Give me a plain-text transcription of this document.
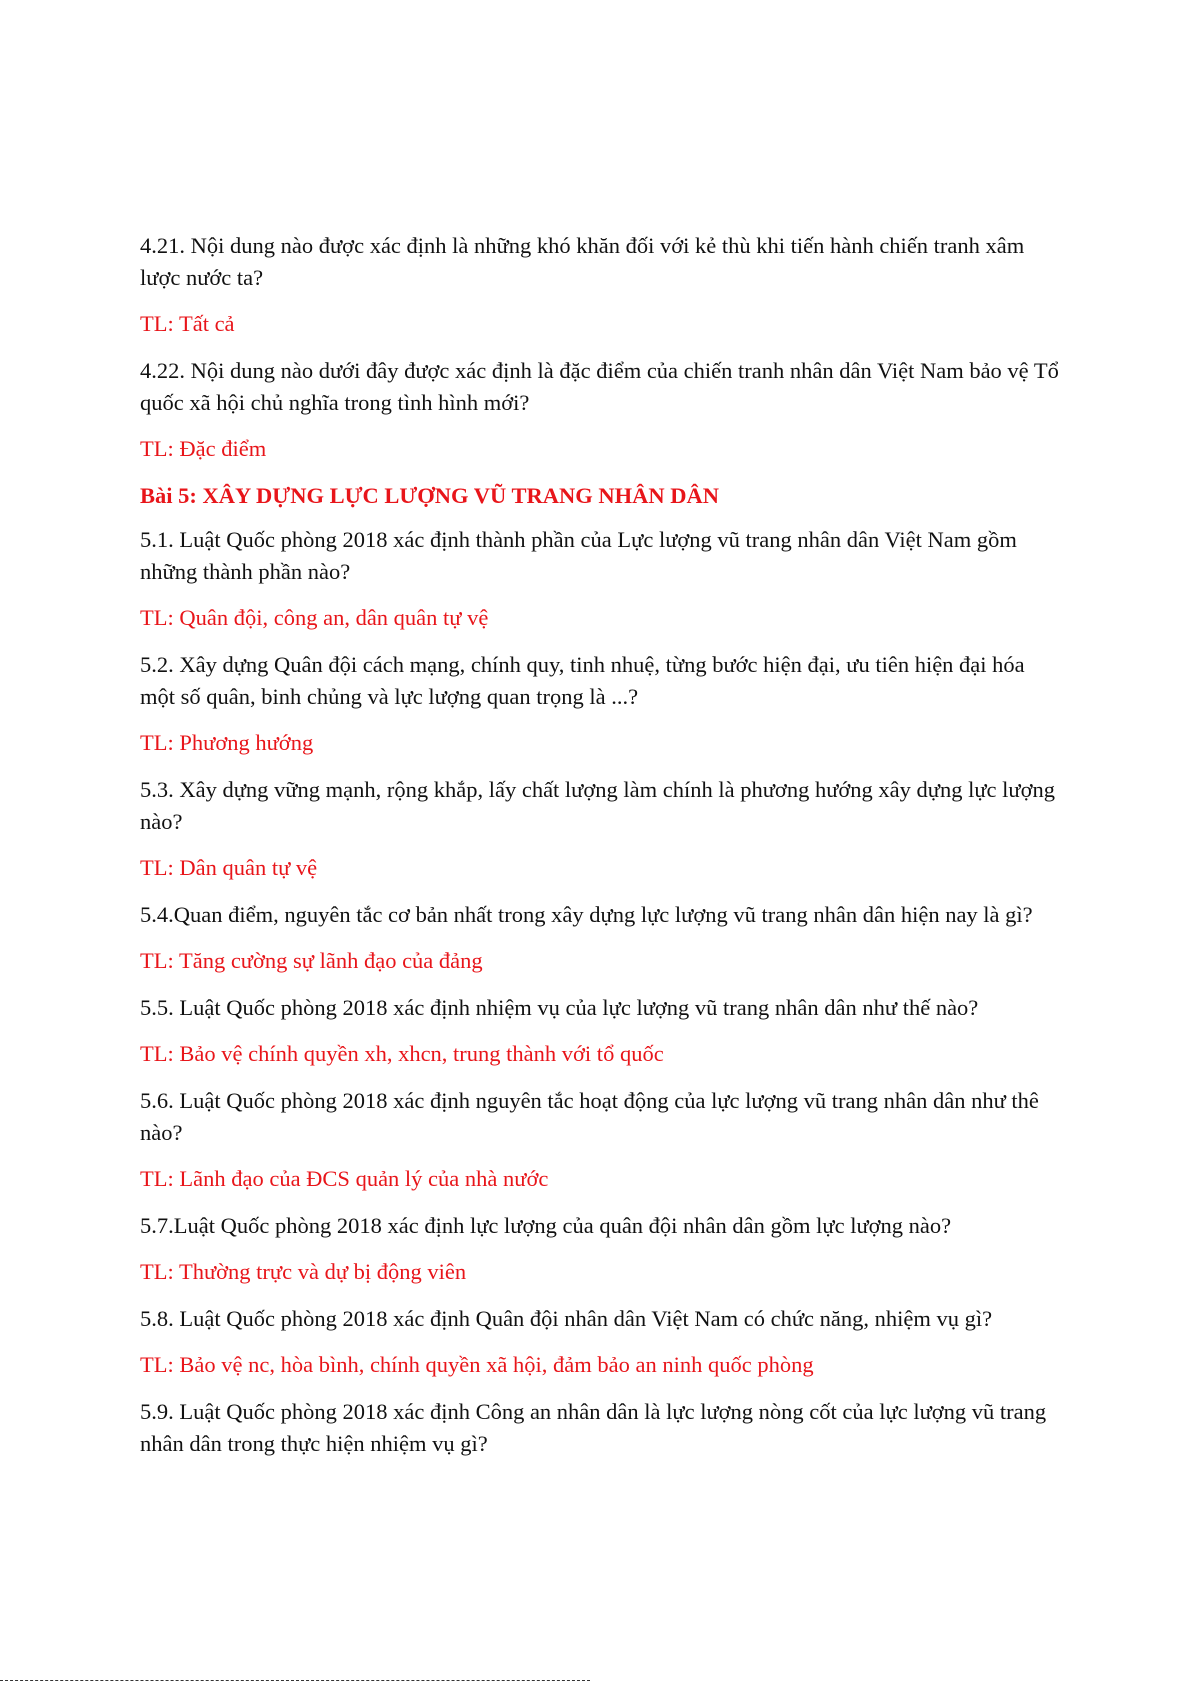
4.21. Nội dung nào được xác định là những khó khăn đối với kẻ thù khi tiến hành chiến tranh xâm lược nước ta?

TL: Tất cả

4.22. Nội dung nào dưới đây được xác định là đặc điểm của chiến tranh nhân dân Việt Nam bảo vệ Tổ quốc xã hội chủ nghĩa trong tình hình mới?

TL: Đặc điểm

Bài 5: XÂY DỰNG LỰC LƯỢNG VŨ TRANG NHÂN DÂN

5.1. Luật Quốc phòng 2018 xác định thành phần của Lực lượng vũ trang nhân dân Việt Nam gồm những thành phần nào?

TL: Quân đội, công an, dân quân tự vệ

5.2. Xây dựng Quân đội cách mạng, chính quy, tinh nhuệ, từng bước hiện đại, ưu tiên hiện đại hóa một số quân, binh chủng và lực lượng quan trọng là ...?

TL: Phương hướng

5.3. Xây dựng vững mạnh, rộng khắp, lấy chất lượng làm chính là phương hướng xây dựng lực lượng nào?

TL: Dân quân tự vệ

5.4.Quan điểm, nguyên tắc cơ bản nhất trong xây dựng lực lượng vũ trang nhân dân hiện nay là gì?

TL: Tăng cường sự lãnh đạo của đảng

5.5. Luật Quốc phòng 2018 xác định nhiệm vụ của lực lượng vũ trang nhân dân như thế nào?

TL: Bảo vệ chính quyền xh, xhcn, trung thành với tổ quốc

5.6. Luật Quốc phòng 2018 xác định nguyên tắc hoạt động của lực lượng vũ trang nhân dân như thê nào?

TL: Lãnh đạo của ĐCS quản lý của nhà nước

5.7.Luật Quốc phòng 2018 xác định lực lượng của quân đội nhân dân gồm lực lượng nào?

TL: Thường trực và dự bị động viên

5.8. Luật Quốc phòng 2018 xác định Quân đội nhân dân Việt Nam có chức năng, nhiệm vụ gì?

TL: Bảo vệ nc, hòa bình, chính quyền xã hội, đảm bảo an ninh quốc phòng

5.9. Luật Quốc phòng 2018 xác định Công an nhân dân là lực lượng nòng cốt của lực lượng vũ trang nhân dân trong thực hiện nhiệm vụ gì?
